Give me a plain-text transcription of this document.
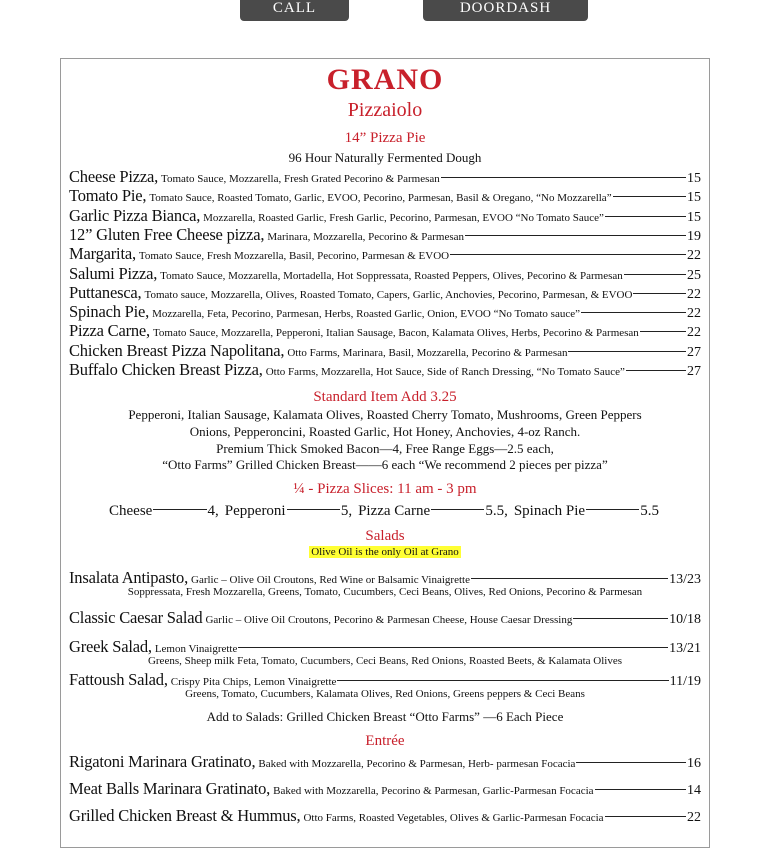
CALL	DOORDASH
GRANO
Pizzaiolo
14” Pizza Pie
96 Hour Naturally Fermented Dough
Cheese Pizza, Tomato Sauce, Mozzarella, Fresh Grated Pecorino & Parmesan	15
Tomato Pie, Tomato Sauce, Roasted Tomato, Garlic, EVOO, Pecorino, Parmesan, Basil & Oregano, “No Mozzarella”	15
Garlic Pizza Bianca, Mozzarella, Roasted Garlic, Fresh Garlic, Pecorino, Parmesan, EVOO “No Tomato Sauce”	15
12” Gluten Free Cheese pizza, Marinara, Mozzarella, Pecorino & Parmesan	19
Margarita, Tomato Sauce, Fresh Mozzarella, Basil, Pecorino, Parmesan & EVOO	22
Salumi Pizza, Tomato Sauce, Mozzarella, Mortadella, Hot Soppressata, Roasted Peppers, Olives, Pecorino & Parmesan	25
Puttanesca, Tomato sauce, Mozzarella, Olives, Roasted Tomato, Capers, Garlic, Anchovies, Pecorino, Parmesan, & EVOO	22
Spinach Pie, Mozzarella, Feta, Pecorino, Parmesan, Herbs, Roasted Garlic, Onion, EVOO “No Tomato sauce”	22
Pizza Carne, Tomato Sauce, Mozzarella, Pepperoni, Italian Sausage, Bacon, Kalamata Olives, Herbs, Pecorino & Parmesan	22
Chicken Breast Pizza Napolitana, Otto Farms, Marinara, Basil, Mozzarella, Pecorino & Parmesan	27
Buffalo Chicken Breast Pizza, Otto Farms, Mozzarella, Hot Sauce, Side of Ranch Dressing, “No Tomato Sauce”	27
Standard Item Add 3.25
Pepperoni, Italian Sausage, Kalamata Olives, Roasted Cherry Tomato, Mushrooms, Green Peppers
Onions, Pepperoncini, Roasted Garlic, Hot Honey, Anchovies, 4-oz Ranch.
Premium Thick Smoked Bacon—4, Free Range Eggs—2.5 each,
“Otto Farms” Grilled Chicken Breast——6 each “We recommend 2 pieces per pizza”
¼ - Pizza Slices: 11 am - 3 pm
Cheese	4, Pepperoni	5, Pizza Carne	5.5, Spinach Pie	5.5
Salads
Olive Oil is the only Oil at Grano
Insalata Antipasto, Garlic – Olive Oil Croutons, Red Wine or Balsamic Vinaigrette	13/23
Soppressata, Fresh Mozzarella, Greens, Tomato, Cucumbers, Ceci Beans, Olives, Red Onions, Pecorino & Parmesan
Classic Caesar Salad Garlic – Olive Oil Croutons, Pecorino & Parmesan Cheese, House Caesar Dressing	10/18
Greek Salad, Lemon Vinaigrette	13/21
Greens, Sheep milk Feta, Tomato, Cucumbers, Ceci Beans, Red Onions, Roasted Beets, & Kalamata Olives
Fattoush Salad, Crispy Pita Chips, Lemon Vinaigrette	11/19
Greens, Tomato, Cucumbers, Kalamata Olives, Red Onions, Greens peppers & Ceci Beans
Add to Salads: Grilled Chicken Breast “Otto Farms” —6 Each Piece
Entrée
Rigatoni Marinara Gratinato, Baked with Mozzarella, Pecorino & Parmesan, Herb- parmesan Focacia	16
Meat Balls Marinara Gratinato, Baked with Mozzarella, Pecorino & Parmesan, Garlic-Parmesan Focacia	14
Grilled Chicken Breast & Hummus, Otto Farms, Roasted Vegetables, Olives & Garlic-Parmesan Focacia	22
